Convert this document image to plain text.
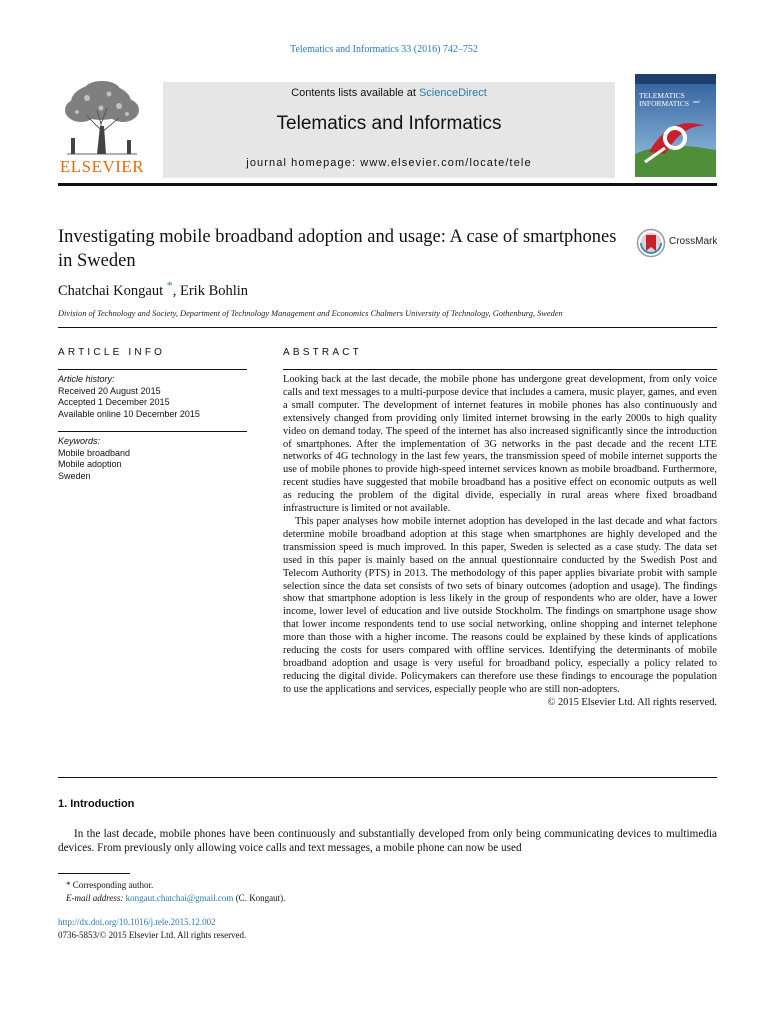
Telematics and Informatics 33 (2016) 742–752
ELSEVIER
Contents lists available at ScienceDirect
Telematics and Informatics
journal homepage: www.elsevier.com/locate/tele
TELEMATICS
and
INFORMATICS
Investigating mobile broadband adoption and usage: A case of smartphones in Sweden
CrossMark
Chatchai Kongaut *, Erik Bohlin
Division of Technology and Society, Department of Technology Management and Economics Chalmers University of Technology, Gothenburg, Sweden
ARTICLE INFO
Article history:
Received 20 August 2015
Accepted 1 December 2015
Available online 10 December 2015
Keywords:
Mobile broadband
Mobile adoption
Sweden
ABSTRACT

Looking back at the last decade, the mobile phone has undergone great development, from only voice calls and text messages to a multi-purpose device that includes a camera, music player, games, and even a small computer. The development of internet features in mobile phones has also continuously and extensively changed from providing only limited internet browsing in the early 2000s to high quality video on demand today. The speed of the internet has also increased significantly since the introduction of smartphones. After the implementation of 3G networks in the past decade and the recent LTE networks of 4G technology in the last few years, the transmission speed of mobile internet supports the use of mobile phones to provide high-speed internet services known as mobile broadband. Furthermore, recent studies have suggested that mobile broadband has a positive effect on economic outputs as well as reducing the problem of the digital divide, especially in rural areas where fixed broadband infrastructure is limited or not available.

This paper analyses how mobile internet adoption has developed in the last decade and what factors determine mobile broadband adoption at this stage when smartphones are highly developed and the transmission speed is much improved. In this paper, Sweden is selected as a case study. The data set used in this paper is mainly based on the annual questionnaire conducted by the Swedish Post and Telecom Authority (PTS) in 2013. The methodology of this paper applies bivariate probit with sample selection since the data set consists of two sets of binary outcomes (adoption and usage). The findings show that smartphone adoption is less likely in the group of respondents who are older, have a lower income, lower level of education and live outside Stockholm. The findings on smartphone usage show that lower income respondents tend to use social networking, online shopping and internet telephone more than those with a higher income. The reasons could be explained by these kinds of applications reducing the costs for users compared with offline services. Identifying the determinants of mobile broadband adoption and usage is very useful for broadband policy, especially a policy related to reducing the digital divide. Policymakers can therefore use these findings to encourage the population to use the applications and services, especially people who are still non-adopters.

© 2015 Elsevier Ltd. All rights reserved.

1. Introduction

In the last decade, mobile phones have been continuously and substantially developed from only being communicating devices to multimedia devices. From previously only allowing voice calls and text messages, a mobile phone can now be used

* Corresponding author.
E-mail address: kongaut.chatchai@gmail.com (C. Kongaut).
http://dx.doi.org/10.1016/j.tele.2015.12.002
0736-5853/© 2015 Elsevier Ltd. All rights reserved.
